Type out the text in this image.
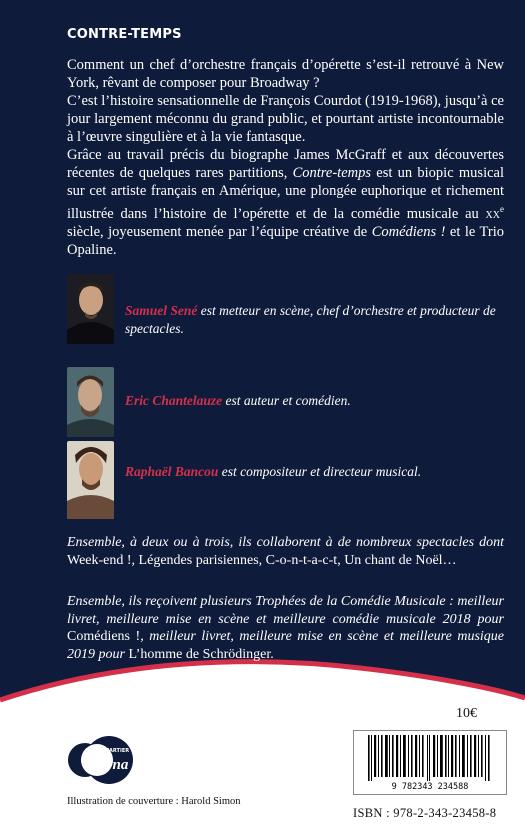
CONTRE-TEMPS

Comment un chef d’orchestre français d’opérette s’est-il retrouvé à New York, rêvant de composer pour Broadway ?

C’est l’histoire sensationnelle de François Courdot (1919-1968), jusqu’à ce jour largement méconnu du grand public, et pourtant artiste incontournable à l’œuvre singulière et à la vie fantasque.

Grâce au travail précis du biographe James McGraff et aux découvertes récentes de quelques rares partitions, Contre-temps est un biopic musical sur cet artiste français en Amérique, une plongée euphorique et richement illustrée dans l’histoire de l’opérette et de la comédie musicale au $xx^e$ siècle, joyeusement menée par l’équipe créative de Comédiens ! et le Trio Opaline.

Samuel Sené est metteur en scène, chef d’orchestre et producteur de spectacles.
Eric Chantelauze est auteur et comédien.
Raphaël Bancou est compositeur et directeur musical.
Ensemble, à deux ou à trois, ils collaborent à de nombreux spectacles dont Week-end !, Légendes parisiennes, C-o-n-t-a-c-t, Un chant de Noël…
Ensemble, ils reçoivent plusieurs Trophées de la Comédie Musicale : meilleur livret, meilleure mise en scène et meilleure comédie musicale 2018 pour Comédiens !, meilleur livret, meilleure mise en scène et meilleure musique 2019 pour L’homme de Schrödinger.
10€
QUARTIER
Una
Illustration de couverture : Harold Simon
9 782343 234588
ISBN : 978-2-343-23458-8
